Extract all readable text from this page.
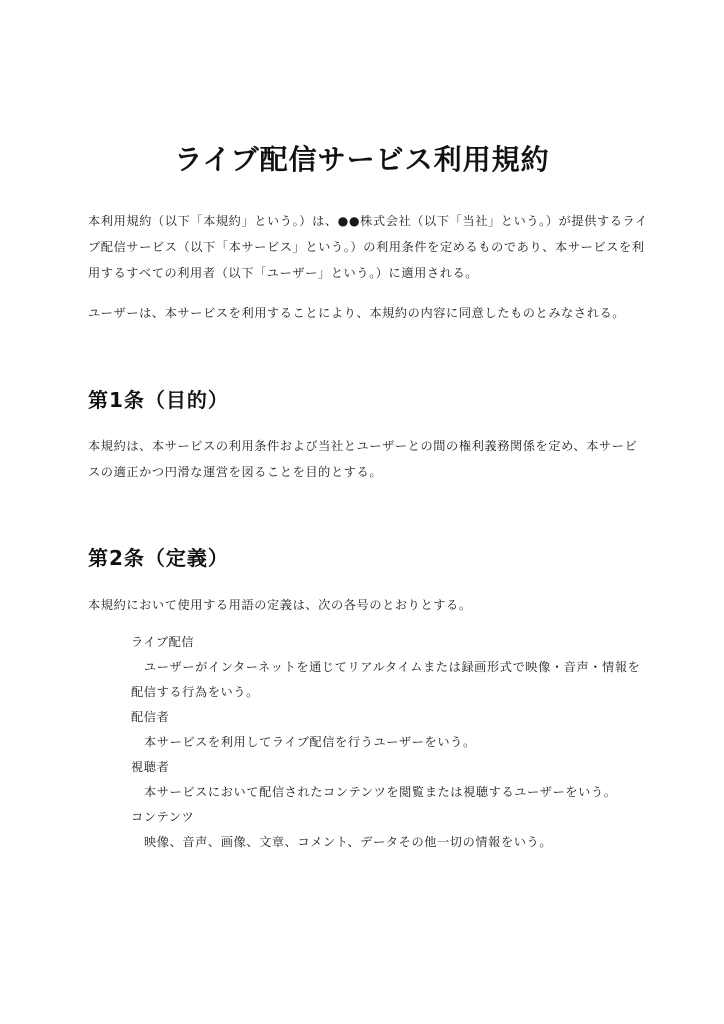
ライブ配信サービス利用規約

本利用規約（以下「本規約」という。）は、●●株式会社（以下「当社」という。）が提供するライブ配信サービス（以下「本サービス」という。）の利用条件を定めるものであり、本サービスを利用するすべての利用者（以下「ユーザー」という。）に適用される。

ユーザーは、本サービスを利用することにより、本規約の内容に同意したものとみなされる。

第1条（目的）

本規約は、本サービスの利用条件および当社とユーザーとの間の権利義務関係を定め、本サービスの適正かつ円滑な運営を図ることを目的とする。

第2条（定義）

本規約において使用する用語の定義は、次の各号のとおりとする。

ライブ配信

ユーザーがインターネットを通じてリアルタイムまたは録画形式で映像・音声・情報を配信する行為をいう。

配信者

本サービスを利用してライブ配信を行うユーザーをいう。

視聴者

本サービスにおいて配信されたコンテンツを閲覧または視聴するユーザーをいう。

コンテンツ

映像、音声、画像、文章、コメント、データその他一切の情報をいう。
